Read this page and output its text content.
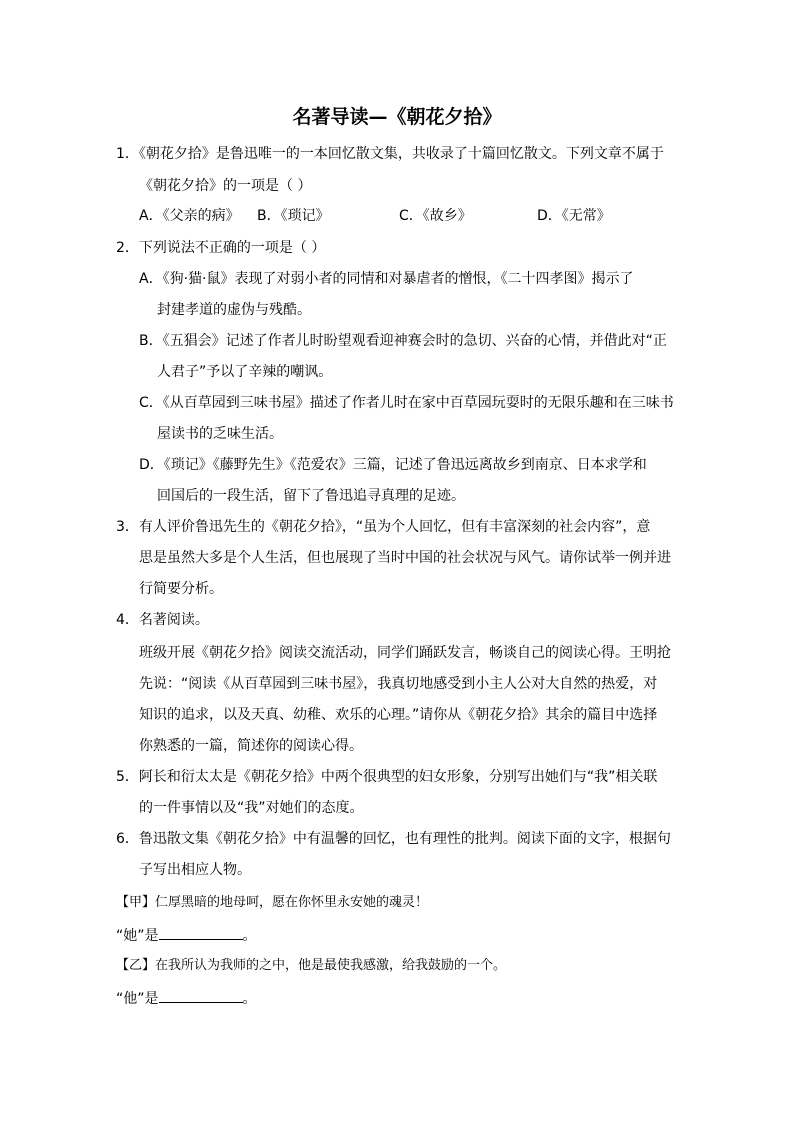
名著导读—《朝花夕拾》
1．《朝花夕拾》是鲁迅唯一的一本回忆散文集，共收录了十篇回忆散文。下列文章不属于
《朝花夕拾》的一项是（ ）
A．《父亲的病》 B．《琐记》	C．《故乡》	D．《无常》
2．下列说法不正确的一项是（ ）
A．《狗·猫·鼠》表现了对弱小者的同情和对暴虐者的憎恨，《二十四孝图》揭示了
封建孝道的虚伪与残酷。
B．《五猖会》记述了作者儿时盼望观看迎神赛会时的急切、兴奋的心情，并借此对“正
人君子”予以了辛辣的嘲讽。
C．《从百草园到三味书屋》描述了作者儿时在家中百草园玩耍时的无限乐趣和在三味书
屋读书的乏味生活。
D．《琐记》《藤野先生》《范爱农》三篇，记述了鲁迅远离故乡到南京、日本求学和
回国后的一段生活，留下了鲁迅追寻真理的足迹。
3．有人评价鲁迅先生的《朝花夕拾》，“虽为个人回忆，但有丰富深刻的社会内容”，意
思是虽然大多是个人生活，但也展现了当时中国的社会状况与风气。请你试举一例并进
行简要分析。
4．名著阅读。
班级开展《朝花夕拾》阅读交流活动，同学们踊跃发言，畅谈自己的阅读心得。王明抢
先说：“阅读《从百草园到三味书屋》，我真切地感受到小主人公对大自然的热爱，对
知识的追求，以及天真、幼稚、欢乐的心理。”请你从《朝花夕拾》其余的篇目中选择
你熟悉的一篇，简述你的阅读心得。
5．阿长和衍太太是《朝花夕拾》中两个很典型的妇女形象，分别写出她们与“我”相关联
的一件事情以及“我”对她们的态度。
6．鲁迅散文集《朝花夕拾》中有温馨的回忆，也有理性的批判。阅读下面的文字，根据句
子写出相应人物。
【甲】仁厚黑暗的地母呵，愿在你怀里永安她的魂灵！
“她”是	。
【乙】在我所认为我师的之中，他是最使我感激，给我鼓励的一个。
“他”是	。
